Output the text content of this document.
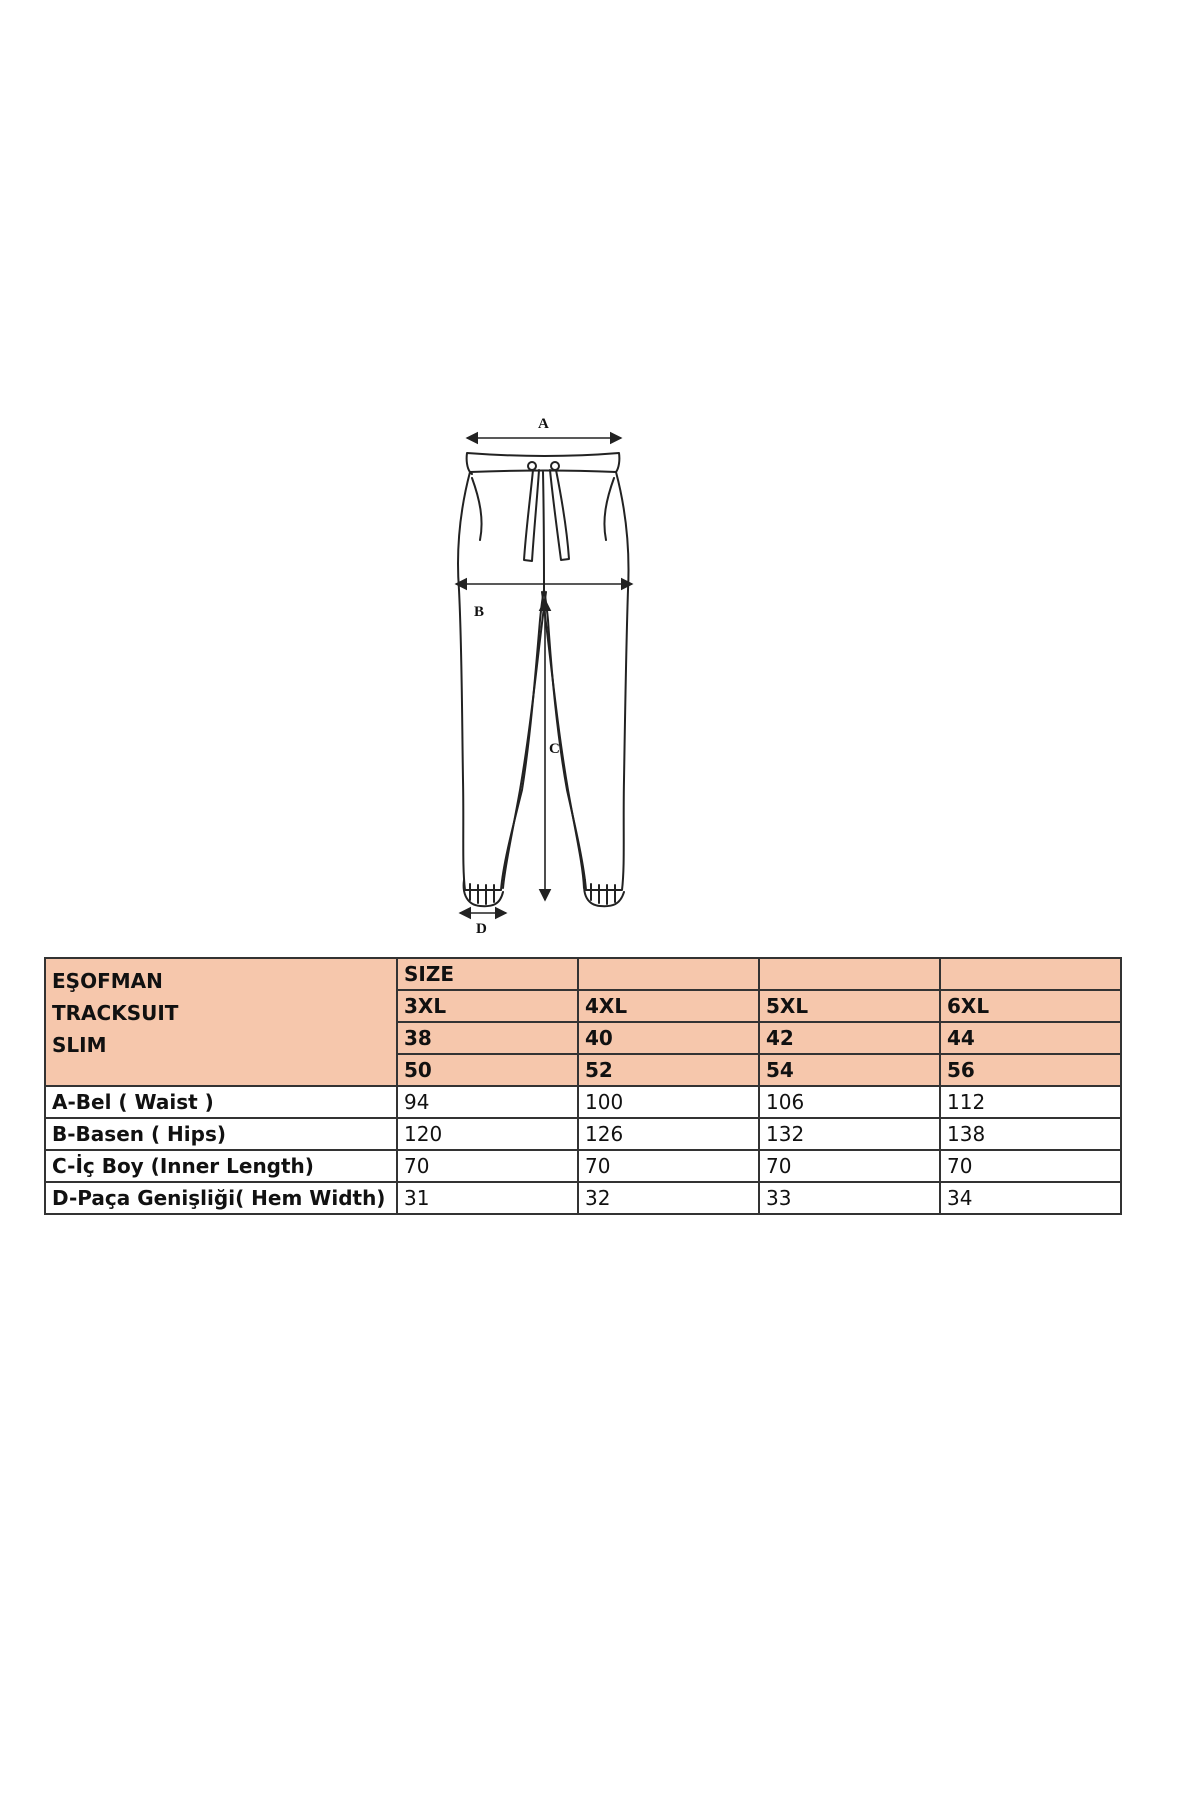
A
B
C
D
EŞOFMAN
TRACKSUIT
SLIM	SIZE			
	3XL	4XL	5XL	6XL
	38	40	42	44
	50	52	54	56
A-Bel ( Waist )	94	100	106	112
B-Basen ( Hips)	120	126	132	138
C-İç Boy (Inner Length)	70	70	70	70
D-Paça Genişliği( Hem Width)	31	32	33	34
